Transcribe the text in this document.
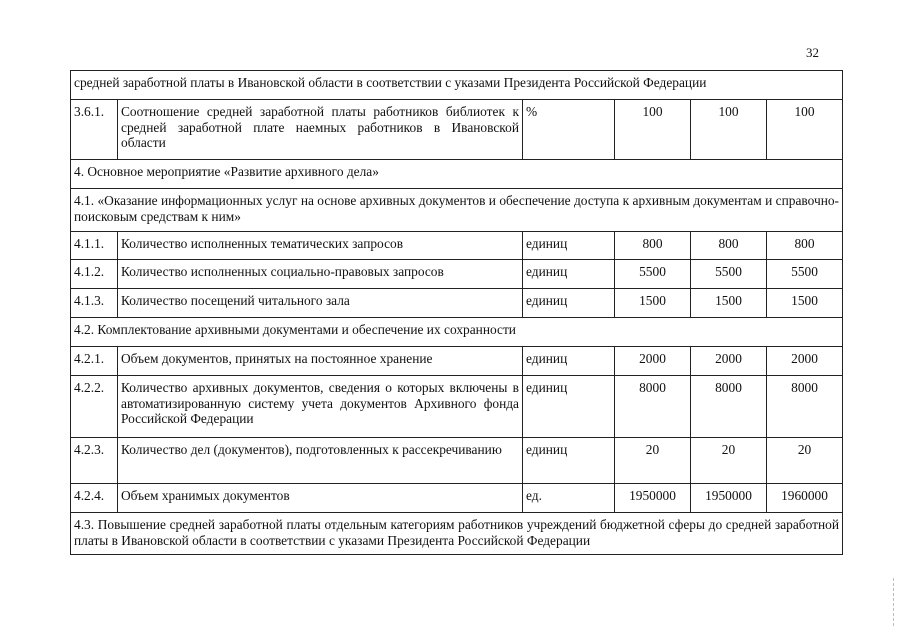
32
средней заработной платы в Ивановской области в соответствии с указами Президента Российской Федерации					
3.6.1.	Соотношение средней заработной платы работников библиотек к средней заработной плате наемных работников в Ивановской области	%	100	100	100
4. Основное мероприятие «Развитие архивного дела»					
4.1. «Оказание информационных услуг на основе архивных документов и обеспечение доступа к архивным документам и справочно-поисковым средствам к ним»					
4.1.1.	Количество исполненных тематических запросов	единиц	800	800	800
4.1.2.	Количество исполненных социально-правовых запросов	единиц	5500	5500	5500
4.1.3.	Количество посещений читального зала	единиц	1500	1500	1500
4.2. Комплектование архивными документами и обеспечение их сохранности					
4.2.1.	Объем документов, принятых на постоянное хранение	единиц	2000	2000	2000
4.2.2.	Количество архивных документов, сведения о которых включены в автоматизированную систему учета документов Архивного фонда Российской Федерации	единиц	8000	8000	8000
4.2.3.	Количество дел (документов), подготовленных к рассекречиванию	единиц	20	20	20
4.2.4.	Объем хранимых документов	ед.	1950000	1950000	1960000
4.3. Повышение средней заработной платы отдельным категориям работников учреждений бюджетной сферы до средней заработной платы в Ивановской области в соответствии с указами Президента Российской Федерации					
